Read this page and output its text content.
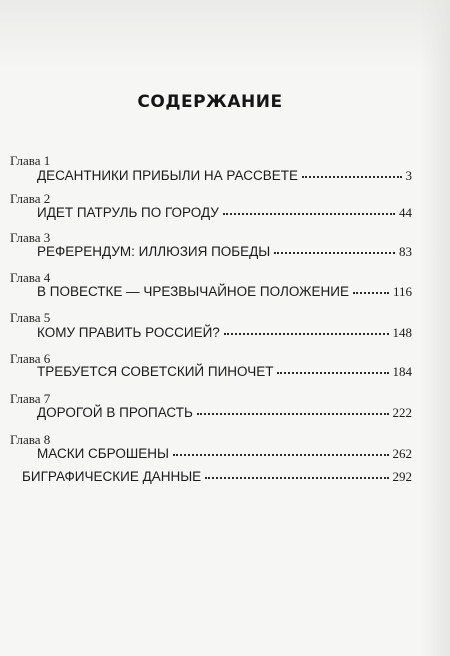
СОДЕРЖАНИЕ
Глава 1
ДЕСАНТНИКИ ПРИБЫЛИ НА РАССВЕТЕ	3
Глава 2
ИДЕТ ПАТРУЛЬ ПО ГОРОДУ	44
Глава 3
РЕФЕРЕНДУМ: ИЛЛЮЗИЯ ПОБЕДЫ	83
Глава 4
В ПОВЕСТКЕ — ЧРЕЗВЫЧАЙНОЕ ПОЛОЖЕНИЕ	116
Глава 5
КОМУ ПРАВИТЬ РОССИЕЙ?	148
Глава 6
ТРЕБУЕТСЯ СОВЕТСКИЙ ПИНОЧЕТ	184
Глава 7
ДОРОГОЙ В ПРОПАСТЬ	222
Глава 8
МАСКИ СБРОШЕНЫ	262
БИГРАФИЧЕСКИЕ ДАННЫЕ	292
